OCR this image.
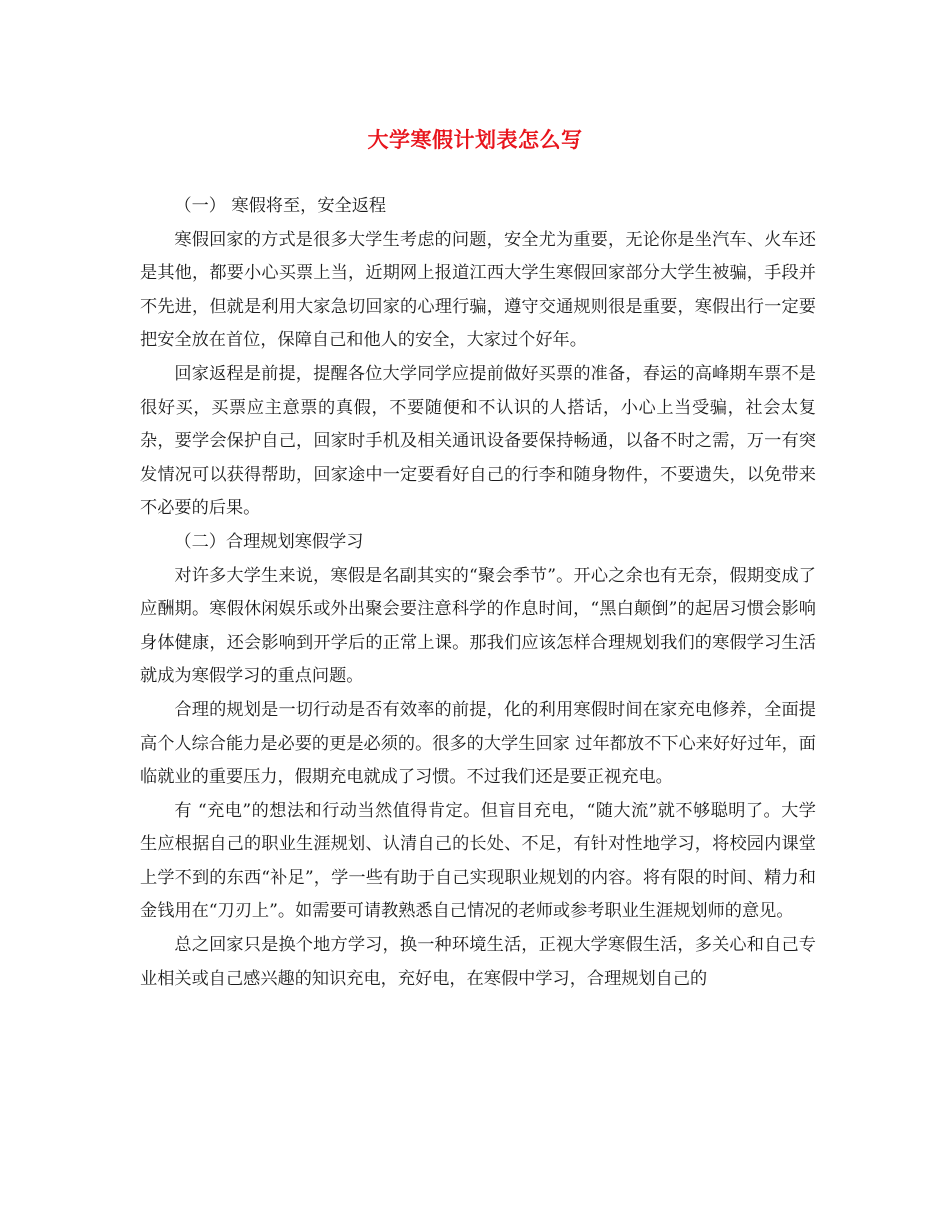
大学寒假计划表怎么写

（一） 寒假将至，安全返程

寒假回家的方式是很多大学生考虑的问题，安全尤为重要，无论你是坐汽车、火车还是其他，都要小心买票上当，近期网上报道江西大学生寒假回家部分大学生被骗，手段并不先进，但就是利用大家急切回家的心理行骗，遵守交通规则很是重要，寒假出行一定要把安全放在首位，保障自己和他人的安全，大家过个好年。

回家返程是前提，提醒各位大学同学应提前做好买票的准备，春运的高峰期车票不是很好买，买票应主意票的真假，不要随便和不认识的人搭话，小心上当受骗，社会太复杂，要学会保护自己，回家时手机及相关通讯设备要保持畅通，以备不时之需，万一有突发情况可以获得帮助，回家途中一定要看好自己的行李和随身物件，不要遗失，以免带来不必要的后果。

（二）合理规划寒假学习

对许多大学生来说，寒假是名副其实的“聚会季节”。开心之余也有无奈，假期变成了应酬期。寒假休闲娱乐或外出聚会要注意科学的作息时间，“黑白颠倒”的起居习惯会影响身体健康，还会影响到开学后的正常上课。那我们应该怎样合理规划我们的寒假学习生活就成为寒假学习的重点问题。

合理的规划是一切行动是否有效率的前提，化的利用寒假时间在家充电修养，全面提高个人综合能力是必要的更是必须的。很多的大学生回家 过年都放不下心来好好过年，面临就业的重要压力，假期充电就成了习惯。不过我们还是要正视充电。

有 “充电”的想法和行动当然值得肯定。但盲目充电，“随大流”就不够聪明了。大学生应根据自己的职业生涯规划、认清自己的长处、不足，有针对性地学习，将校园内课堂上学不到的东西“补足”，学一些有助于自己实现职业规划的内容。将有限的时间、精力和金钱用在“刀刃上”。如需要可请教熟悉自己情况的老师或参考职业生涯规划师的意见。

总之回家只是换个地方学习，换一种环境生活，正视大学寒假生活，多关心和自己专业相关或自己感兴趣的知识充电，充好电，在寒假中学习，合理规划自己的
